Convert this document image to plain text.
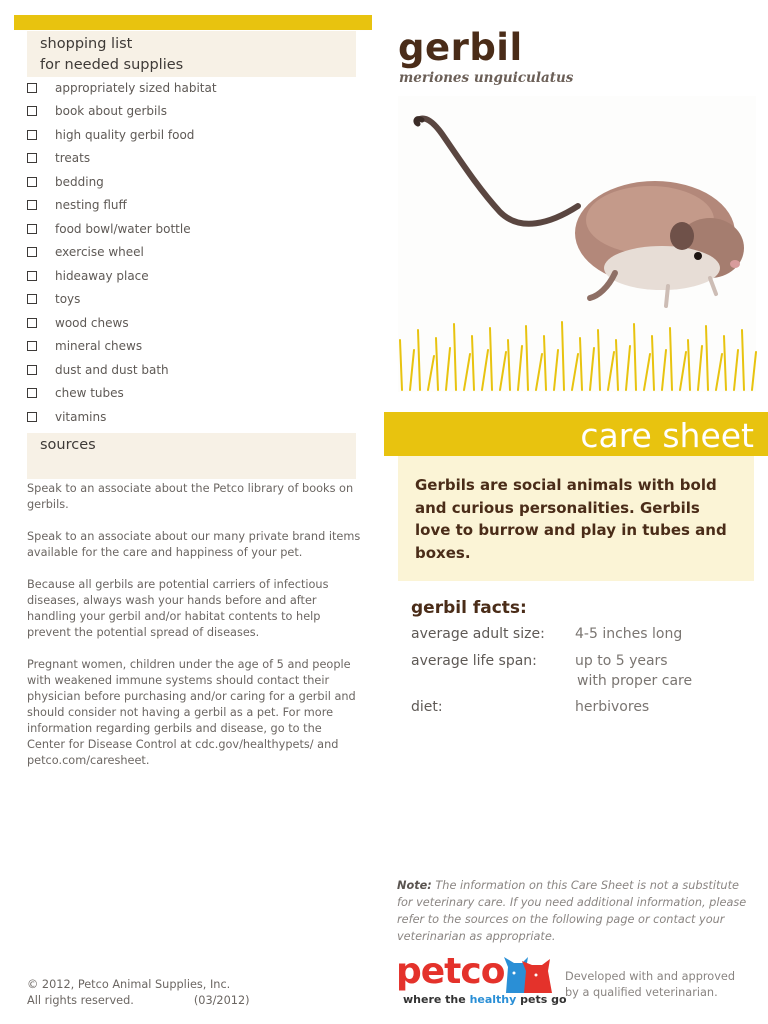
shopping list
for needed supplies
appropriately sized habitat
book about gerbils
high quality gerbil food
treats
bedding
nesting fluff
food bowl/water bottle
exercise wheel
hideaway place
toys
wood chews
mineral chews
dust and dust bath
chew tubes
vitamins
sources

Speak to an associate about the Petco library of books on gerbils.

Speak to an associate about our many private brand items available for the care and happiness of your pet.

Because all gerbils are potential carriers of infectious diseases, always wash your hands before and after handling your gerbil and/or habitat contents to help prevent the potential spread of diseases.

Pregnant women, children under the age of 5 and people with weakened immune systems should contact their physician before purchasing and/or caring for a gerbil and should consider not having a gerbil as a pet. For more information regarding gerbils and disease, go to the Center for Disease Control at cdc.gov/healthypets/ and petco.com/caresheet.

© 2012, Petco Animal Supplies, Inc.
All rights reserved.	(03/2012)
gerbil
meriones unguiculatus
care sheet
Gerbils are social animals with bold and curious personalities. Gerbils love to burrow and play in tubes and boxes.
gerbil facts:
average adult size: 4-5 inches long
average life span:	up to 5 years
with proper care
diet:	herbivores
Note: The information on this Care Sheet is not a substitute for veterinary care. If you need additional information, please refer to the sources on the following page or contact your veterinarian as appropriate.
petco
where the healthy pets go
Developed with and approved
by a qualified veterinarian.
